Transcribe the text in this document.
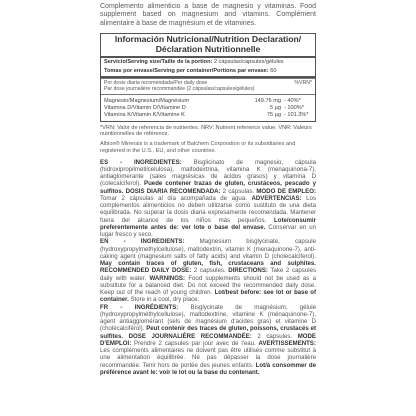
Complemento alimenticio a base de magnesio y vitaminas. Food supplement based on magnesium and vitamins. Complément alimentaire à base de magnésium et de vitamines.

Información Nutricional/Nutrition Declaration/
Déclaration Nutritionnelle
Servicio/Serving size/Taille de la portion: 2 cápsulas/capsules/gélules
Tomas por envase/Serving per container/Portions par envase: 60
Por dosis diaria recomendada/Per daily dose
Par dose journalière recommandée (2 cápsulas/capsules/gélules)
%VRN*
Magnesio/Magnesium/Magnésium	149.76 mg - 40%*
Vitamina D/Vitamin D/Vitamine D	5 µg - 100%*
Vitamina K/Vitamin K/Vitamine K	75 µg - 101.3%*

*VRN: Valor de referencia de nutrientes. NRV: Nutrient reference value. VNR: Valeurs nutritionnelles de référence.

Albion® Minerals is a trademark of Balchem Corporation or its subsidiaries and registered in the U.S., EU, and other countries.

ES - INGREDIENTES: Bisglicinato de magnesio, cápsula (hidroxipropilmetilcelulosa), maltodextrina, vitamina K (menaquinona-7), antiaglomerante (sales magnésicas de ácidos grasos) y vitamina D (colecalciferol). Puede contener trazas de gluten, crustáceos, pescado y sulfitos. DOSIS DIARIA RECOMENDADA: 2 cápsulas. MODO DE EMPLEO: Tomar 2 cápsulas al día acompañada de agua. ADVERTENCIAS: Los complementos alimenticios no deben utilizarse como sustituto de una dieta equilibrada. No superar la dosis diaria expresamente recomendada. Mantener fuera del alcance de los niños más pequeños. Lote/consumir preferentemente antes de: ver lote o base del envase. Conservar en un lugar fresco y seco.
EN - INGREDIENTS: Magnesium bisglycinate, capsule (hydroxypropylmethylcellulose), maltodextrin, vitamin K (menaquinone-7), anti-caking agent (magnesium salts of fatty acids) and vitamin D (cholecalciferol). May contain traces of gluten, fish, crustaceans and sulphites. RECOMMENDED DAILY DOSE: 2 capsules. DIRECTIONS: Take 2 capsules daily with water. WARNINGS: Food supplements should not be used as a substitute for a balanced diet. Do not exceed the recommended daily dose. Keep out of the reach of young children. Lot/best before: see lot or base of container. Store in a cool, dry place.
FR - INGRÉDIENTS: Bisglycinate de magnésium, gélule (hydroxypropylméthylcellulose), maltodextrine, vitamine K (ménaquinone-7), agent antiagglomérant (sels de magnésium d'acides gras) et vitamine D (cholécalciférol). Peut contenir des traces de gluten, poissons, crustacés et sulfites. DOSE JOURNALIÈRE RECOMMANDÉE: 2 capsules. MODE D'EMPLOI: Prendre 2 capsules par jour avec de l'eau. AVERTISSEMENTS: Les compléments alimentaires ne doivent pas être utilisés comme substitut à une alimentation équilibrée. Ne pas dépasser la dose journalière recommandée. Tenir hors de portée des jeunes enfants. Lot/à consommer de préférence avant le: voir le lot ou la base du contenant.
